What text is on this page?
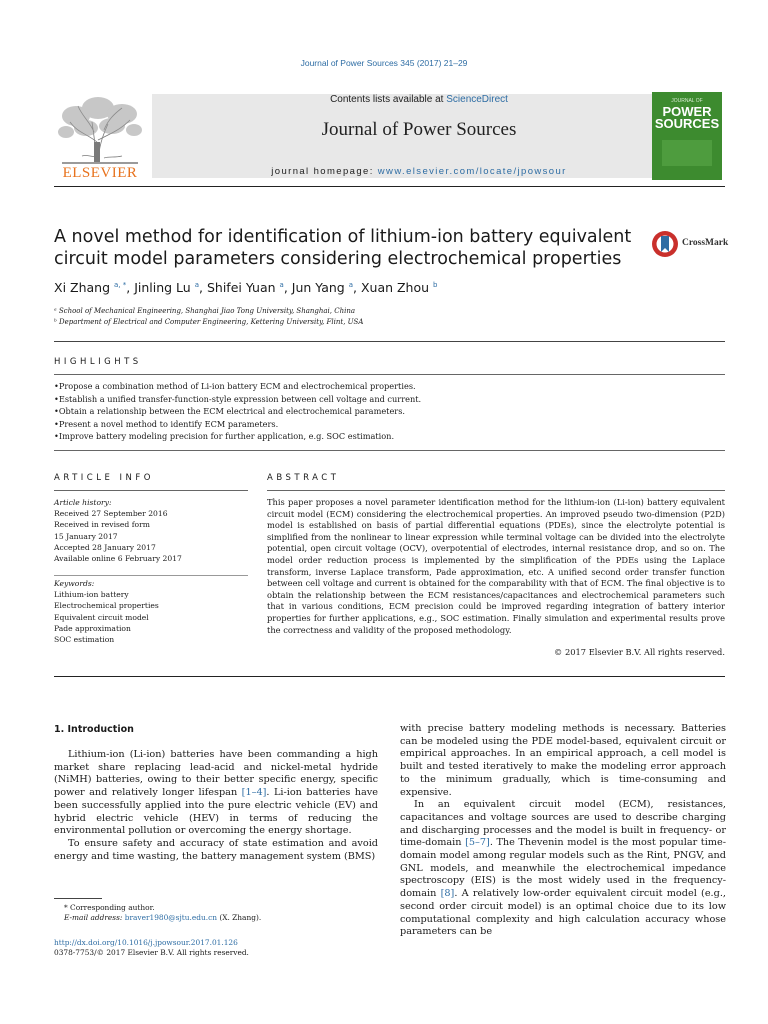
Journal of Power Sources 345 (2017) 21–29
ELSEVIER
Contents lists available at ScienceDirect
Journal of Power Sources
journal homepage: www.elsevier.com/locate/jpowsour
JOURNAL OF
POWER
SOURCES
A novel method for identification of lithium-ion battery equivalent circuit model parameters considering electrochemical properties
CrossMark
Xi Zhang $^{a, *}$, Jinling Lu $^a$, Shifei Yuan $^a$, Jun Yang $^a$, Xuan Zhou $^b$
ᵃ School of Mechanical Engineering, Shanghai Jiao Tong University, Shanghai, China
ᵇ Department of Electrical and Computer Engineering, Kettering University, Flint, USA
HIGHLIGHTS
• Propose a combination method of Li-ion battery ECM and electrochemical properties.
• Establish a unified transfer-function-style expression between cell voltage and current.
• Obtain a relationship between the ECM electrical and electrochemical parameters.
• Present a novel method to identify ECM parameters.
• Improve battery modeling precision for further application, e.g. SOC estimation.
ARTICLE INFO	ABSTRACT
Article history:
Received 27 September 2016
Received in revised form
15 January 2017
Accepted 28 January 2017
Available online 6 February 2017
Keywords:
Lithium-ion battery
Electrochemical properties
Equivalent circuit model
Pade approximation
SOC estimation
This paper proposes a novel parameter identification method for the lithium-ion (Li-ion) battery equivalent circuit model (ECM) considering the electrochemical properties. An improved pseudo two-dimension (P2D) model is established on basis of partial differential equations (PDEs), since the electrolyte potential is simplified from the nonlinear to linear expression while terminal voltage can be divided into the electrolyte potential, open circuit voltage (OCV), overpotential of electrodes, internal resistance drop, and so on. The model order reduction process is implemented by the simplification of the PDEs using the Laplace transform, inverse Laplace transform, Pade approximation, etc. A unified second order transfer function between cell voltage and current is obtained for the comparability with that of ECM. The final objective is to obtain the relationship between the ECM resistances/capacitances and electrochemical parameters such that in various conditions, ECM precision could be improved regarding integration of battery interior properties for further applications, e.g., SOC estimation. Finally simulation and experimental results prove the correctness and validity of the proposed methodology.
© 2017 Elsevier B.V. All rights reserved.
1. Introduction

Lithium-ion (Li-ion) batteries have been commanding a high market share replacing lead-acid and nickel-metal hydride (NiMH) batteries, owing to their better specific energy, specific power and relatively longer lifespan [1–4]. Li-ion batteries have been successfully applied into the pure electric vehicle (EV) and hybrid electric vehicle (HEV) in terms of reducing the environmental pollution or overcoming the energy shortage.

To ensure safety and accuracy of state estimation and avoid energy and time wasting, the battery management system (BMS)

with precise battery modeling methods is necessary. Batteries can be modeled using the PDE model-based, equivalent circuit or empirical approaches. In an empirical approach, a cell model is built and tested iteratively to make the modeling error approach to the minimum gradually, which is time-consuming and expensive.

In an equivalent circuit model (ECM), resistances, capacitances and voltage sources are used to describe charging and discharging processes and the model is built in frequency- or time-domain [5–7]. The Thevenin model is the most popular time-domain model among regular models such as the Rint, PNGV, and GNL models, and meanwhile the electrochemical impedance spectroscopy (EIS) is the most widely used in the frequency-domain [8]. A relatively low-order equivalent circuit model (e.g., second order circuit model) is an optimal choice due to its low computational complexity and high calculation accuracy whose parameters can be

* Corresponding author.
E-mail address: braver1980@sjtu.edu.cn (X. Zhang).
http://dx.doi.org/10.1016/j.jpowsour.2017.01.126
0378-7753/© 2017 Elsevier B.V. All rights reserved.
